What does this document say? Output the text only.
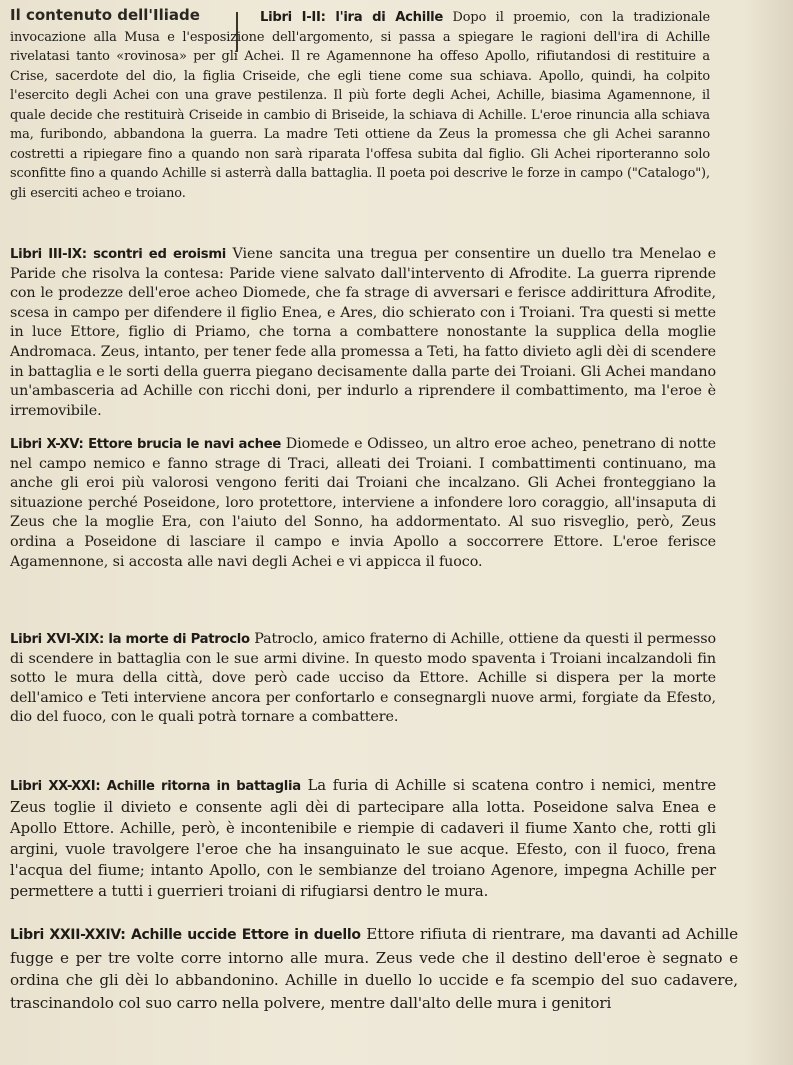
Il contenuto dell'Iliade	Libri I-II: l'ira di Achille Dopo il proemio, con la tradizionale invocazione alla Musa e l'esposizione dell'argomento, si passa a spiegare le ragioni dell'ira di Achille rivelatasi tanto «rovinosa» per gli Achei. Il re Agamennone ha offeso Apollo, rifiutandosi di restituire a Crise, sacerdote del dio, la figlia Criseide, che egli tiene come sua schiava. Apollo, quindi, ha colpito l'esercito degli Achei con una grave pestilenza. Il più forte degli Achei, Achille, biasima Agamennone, il quale decide che restituirà Criseide in cambio di Briseide, la schiava di Achille. L'eroe rinuncia alla schiava ma, furibondo, abbandona la guerra. La madre Teti ottiene da Zeus la promessa che gli Achei saranno costretti a ripiegare fino a quando non sarà riparata l'offesa subita dal figlio. Gli Achei riporteranno solo sconfitte fino a quando Achille si asterrà dalla battaglia. Il poeta poi descrive le forze in campo ("Catalogo"), gli eserciti acheo e troiano.

Libri III-IX: scontri ed eroismi Viene sancita una tregua per consentire un duello tra Menelao e Paride che risolva la contesa: Paride viene salvato dall'intervento di Afrodite. La guerra riprende con le prodezze dell'eroe acheo Diomede, che fa strage di avversari e ferisce addirittura Afrodite, scesa in campo per difendere il figlio Enea, e Ares, dio schierato con i Troiani. Tra questi si mette in luce Ettore, figlio di Priamo, che torna a combattere nonostante la supplica della moglie Andromaca. Zeus, intanto, per tener fede alla promessa a Teti, ha fatto divieto agli dèi di scendere in battaglia e le sorti della guerra piegano decisamente dalla parte dei Troiani. Gli Achei mandano un'ambasceria ad Achille con ricchi doni, per indurlo a riprendere il combattimento, ma l'eroe è irremovibile.

Libri X-XV: Ettore brucia le navi achee Diomede e Odisseo, un altro eroe acheo, penetrano di notte nel campo nemico e fanno strage di Traci, alleati dei Troiani. I combattimenti continuano, ma anche gli eroi più valorosi vengono feriti dai Troiani che incalzano. Gli Achei fronteggiano la situazione perché Poseidone, loro protettore, interviene a infondere loro coraggio, all'insaputa di Zeus che la moglie Era, con l'aiuto del Sonno, ha addormentato. Al suo risveglio, però, Zeus ordina a Poseidone di lasciare il campo e invia Apollo a soccorrere Ettore. L'eroe ferisce Agamennone, si accosta alle navi degli Achei e vi appicca il fuoco.

Libri XVI-XIX: la morte di Patroclo Patroclo, amico fraterno di Achille, ottiene da questi il permesso di scendere in battaglia con le sue armi divine. In questo modo spaventa i Troiani incalzandoli fin sotto le mura della città, dove però cade ucciso da Ettore. Achille si dispera per la morte dell'amico e Teti interviene ancora per confortarlo e consegnargli nuove armi, forgiate da Efesto, dio del fuoco, con le quali potrà tornare a combattere.

Libri XX-XXI: Achille ritorna in battaglia La furia di Achille si scatena contro i nemici, mentre Zeus toglie il divieto e consente agli dèi di partecipare alla lotta. Poseidone salva Enea e Apollo Ettore. Achille, però, è incontenibile e riempie di cadaveri il fiume Xanto che, rotti gli argini, vuole travolgere l'eroe che ha insanguinato le sue acque. Efesto, con il fuoco, frena l'acqua del fiume; intanto Apollo, con le sembianze del troiano Agenore, impegna Achille per permettere a tutti i guerrieri troiani di rifugiarsi dentro le mura.

Libri XXII-XXIV: Achille uccide Ettore in duello Ettore rifiuta di rientrare, ma davanti ad Achille fugge e per tre volte corre intorno alle mura. Zeus vede che il destino dell'eroe è segnato e ordina che gli dèi lo abbandonino. Achille in duello lo uccide e fa scempio del suo cadavere, trascinandolo col suo carro nella polvere, mentre dall'alto delle mura i genitori
